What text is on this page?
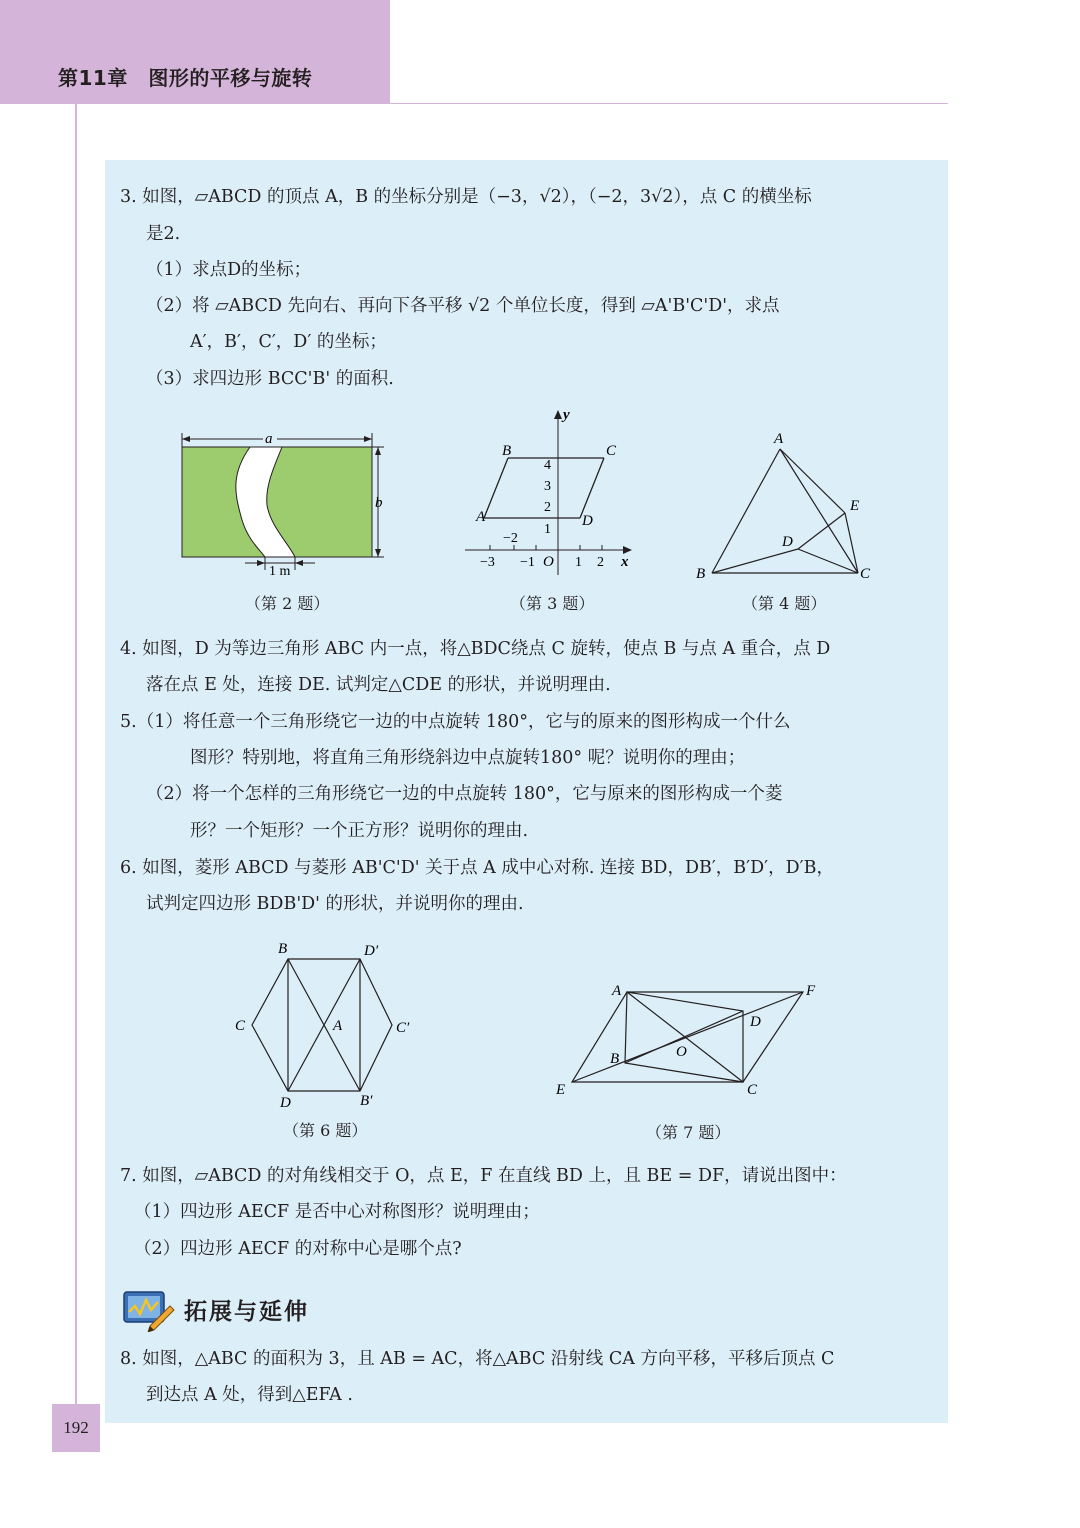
第11章　图形的平移与旋转
3. 如图，▱ABCD 的顶点 A，B 的坐标分别是（−3，√2），（−2，3√2），点 C 的横坐标
是2.
（1）求点D的坐标；
（2）将 ▱ABCD 先向右、再向下各平移 √2 个单位长度，得到 ▱A'B'C'D'，求点
A′，B′，C′，D′ 的坐标；
（3）求四边形 BCC'B' 的面积.
a
b
1 m
（第 2 题）
y
x
A
B	C
D
4
3
2
1
−2
−3 −1 O 1 2
（第 3 题）
A
B	C
D
E
（第 4 题）
4. 如图，D 为等边三角形 ABC 内一点，将△BDC绕点 C 旋转，使点 B 与点 A 重合，点 D
落在点 E 处，连接 DE. 试判定△CDE 的形状，并说明理由.
5.（1）将任意一个三角形绕它一边的中点旋转 180°，它与的原来的图形构成一个什么
图形？特别地，将直角三角形绕斜边中点旋转180° 呢？说明你的理由；
（2）将一个怎样的三角形绕它一边的中点旋转 180°，它与原来的图形构成一个菱
形？一个矩形？一个正方形？说明你的理由.
6. 如图，菱形 ABCD 与菱形 AB'C'D' 关于点 A 成中心对称. 连接 BD，DB′，B′D′，D′B，
试判定四边形 BDB'D' 的形状，并说明你的理由.
B	D′
C	A	C′
D	B′
（第 6 题）
A	F
D
O
B
E	C
（第 7 题）
7. 如图，▱ABCD 的对角线相交于 O，点 E，F 在直线 BD 上，且 BE = DF，请说出图中：
（1）四边形 AECF 是否中心对称图形？说明理由；
（2）四边形 AECF 的对称中心是哪个点?
拓展与延伸
8. 如图，△ABC 的面积为 3，且 AB = AC，将△ABC 沿射线 CA 方向平移，平移后顶点 C
到达点 A 处，得到△EFA .
192
